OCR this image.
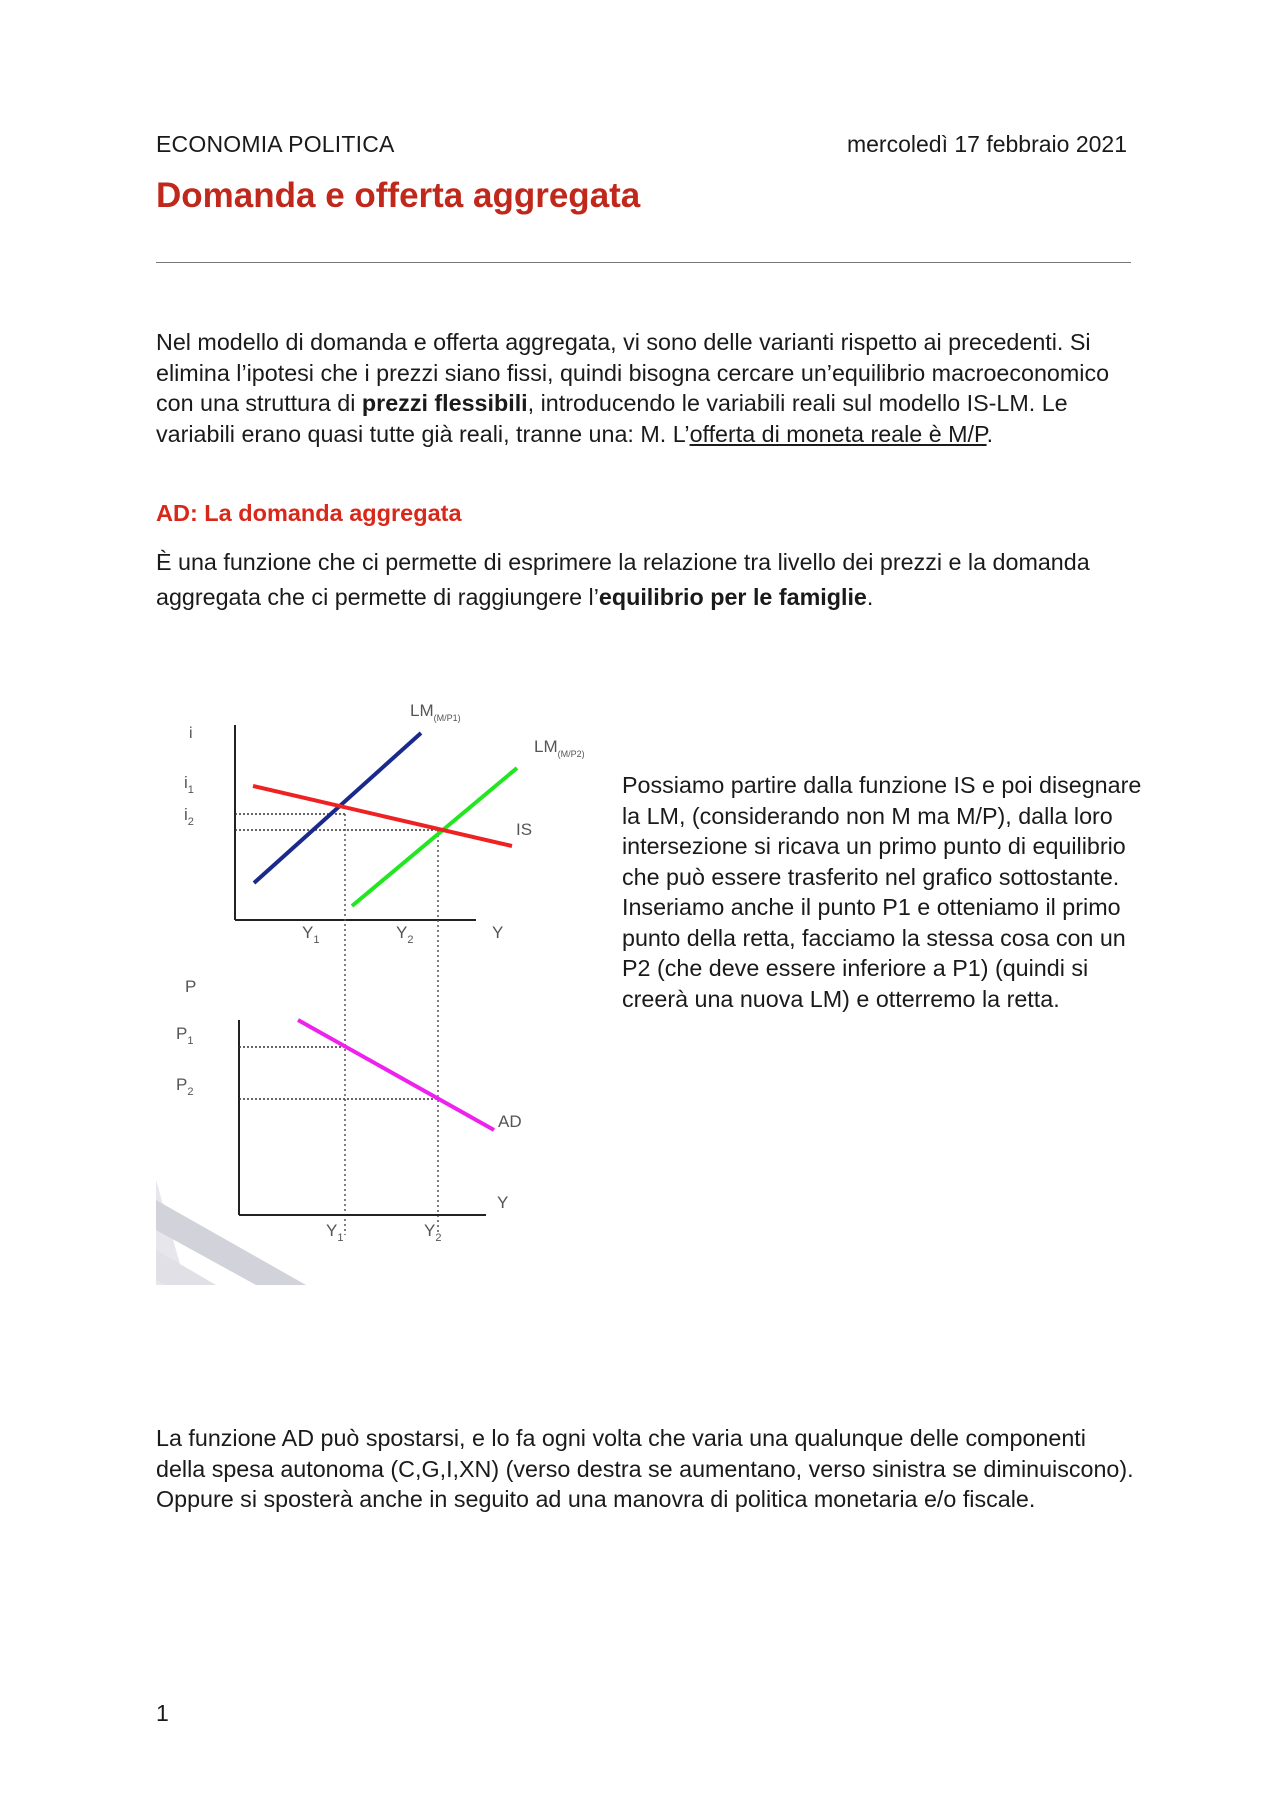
ECONOMIA POLITICA	mercoledì 17 febbraio 2021
Domanda e offerta aggregata

Nel modello di domanda e offerta aggregata, vi sono delle varianti rispetto ai precedenti. Si elimina l’ipotesi che i prezzi siano fissi, quindi bisogna cercare un’equilibrio macroeconomico con una struttura di prezzi flessibili, introducendo le variabili reali sul modello IS-LM. Le variabili erano quasi tutte già reali, tranne una: M. L’offerta di moneta reale è M/P.

AD: La domanda aggregata

È una funzione che ci permette di esprimere la relazione tra livello dei prezzi e la domanda aggregata che ci permette di raggiungere l’equilibrio per le famiglie.

i
$i_1$
$i_2$
$LM_{(M/P1)}$
$LM_{(M/P2)}$
IS
Y
$Y_1$	$Y_2$
P
$P_1$
$P_2$
AD
Y
$Y_1$	$Y_2$

Possiamo partire dalla funzione IS e poi disegnare la LM, (considerando non M ma M/P), dalla loro intersezione si ricava un primo punto di equilibrio che può essere trasferito nel grafico sottostante. Inseriamo anche il punto P1 e otteniamo il primo punto della retta, facciamo la stessa cosa con un P2 (che deve essere inferiore a P1) (quindi si creerà una nuova LM) e otterremo la retta.

La funzione AD può spostarsi, e lo fa ogni volta che varia una qualunque delle componenti della spesa autonoma (C,G,I,XN) (verso destra se aumentano, verso sinistra se diminuiscono). Oppure si sposterà anche in seguito ad una manovra di politica monetaria e/o fiscale.

1
